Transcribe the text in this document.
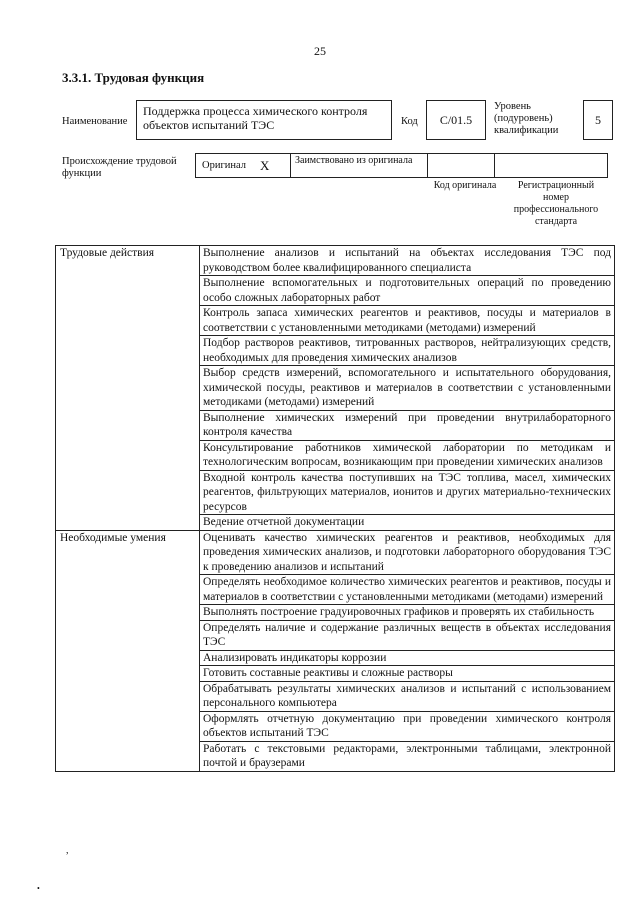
25
3.3.1. Трудовая функция
Наименование
Поддержка процесса химического контроля объектов испытаний ТЭС	Код C/01.5
Уровень (подуровень) квалификации
5
Происхождение трудовой функции
Оригинал X	Заимствовано из оригинала
Код оригинала	Регистрационный номер профессионального стандарта
Трудовые действия	Выполнение анализов и испытаний на объектах исследования ТЭС под руководством более квалифицированного специалиста
	Выполнение вспомогательных и подготовительных операций по проведению особо сложных лабораторных работ
	Контроль запаса химических реагентов и реактивов, посуды и материалов в соответствии с установленными методиками (методами) измерений
	Подбор растворов реактивов, титрованных растворов, нейтрализующих средств, необходимых для проведения химических анализов
	Выбор средств измерений, вспомогательного и испытательного оборудования, химической посуды, реактивов и материалов в соответствии с установленными методиками (методами) измерений
	Выполнение химических измерений при проведении внутрилабораторного контроля качества
	Консультирование работников химической лаборатории по методикам и технологическим вопросам, возникающим при проведении химических анализов
	Входной контроль качества поступивших на ТЭС топлива, масел, химических реагентов, фильтрующих материалов, ионитов и других материально-технических ресурсов
	Ведение отчетной документации
Необходимые умения	Оценивать качество химических реагентов и реактивов, необходимых для проведения химических анализов, и подготовки лабораторного оборудования ТЭС к проведению анализов и испытаний
	Определять необходимое количество химических реагентов и реактивов, посуды и материалов в соответствии с установленными методиками (методами) измерений
	Выполнять построение градуировочных графиков и проверять их стабильность
	Определять наличие и содержание различных веществ в объектах исследования ТЭС
	Анализировать индикаторы коррозии
	Готовить составные реактивы и сложные растворы
	Обрабатывать результаты химических анализов и испытаний с использованием персонального компьютера
	Оформлять отчетную документацию при проведении химического контроля объектов испытаний ТЭС
	Работать с текстовыми редакторами, электронными таблицами, электронной почтой и браузерами
,
•
